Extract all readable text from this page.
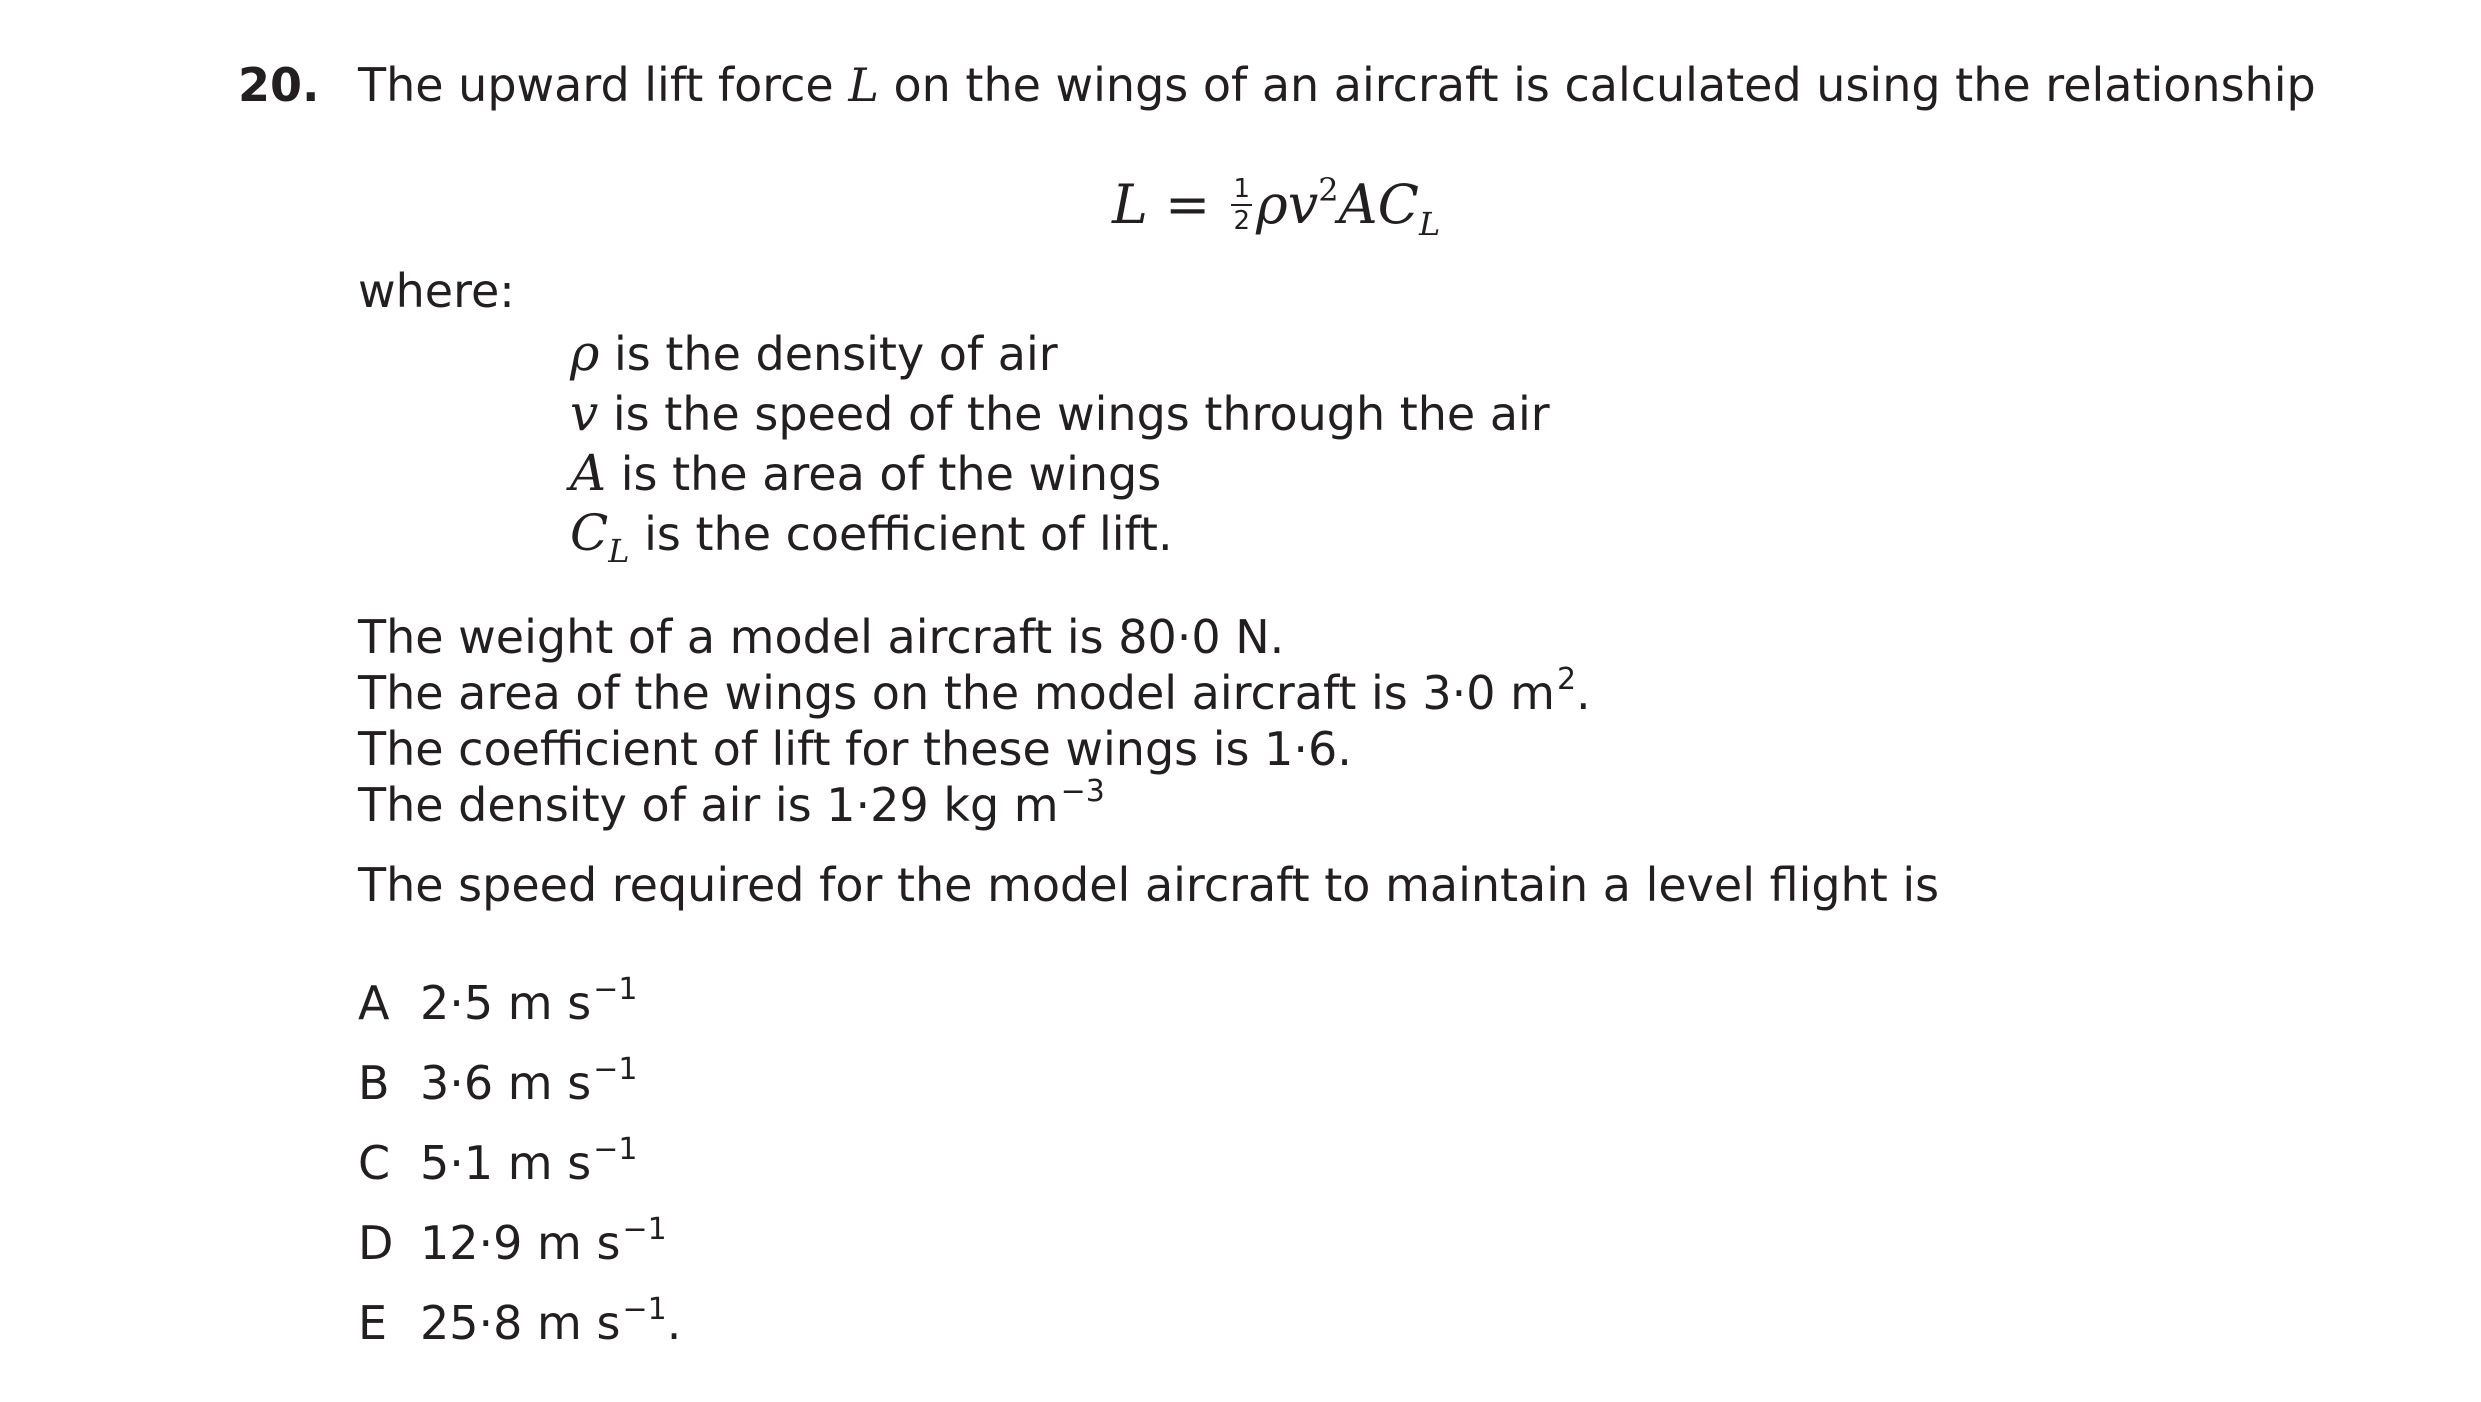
20. The upward lift force L on the wings of an aircraft is calculated using the relationship
$L = \frac{1}{2} \rho v^2AC_L$
where:
ρ is the density of air
v is the speed of the wings through the air
A is the area of the wings
$C_L$ is the coefficient of lift.
The weight of a model aircraft is 80·0 N.
The area of the wings on the model aircraft is 3·0 $m^2$.
The coefficient of lift for these wings is 1·6.
The density of air is 1·29 kg $m^{-3}$
The speed required for the model aircraft to maintain a level flight is
A 2·5 m $s^{-1}$
B 3·6 m $s^{-1}$
C 5·1 m $s^{-1}$
D 12·9 m $s^{-1}$
E 25·8 m $s^{-1}$.
